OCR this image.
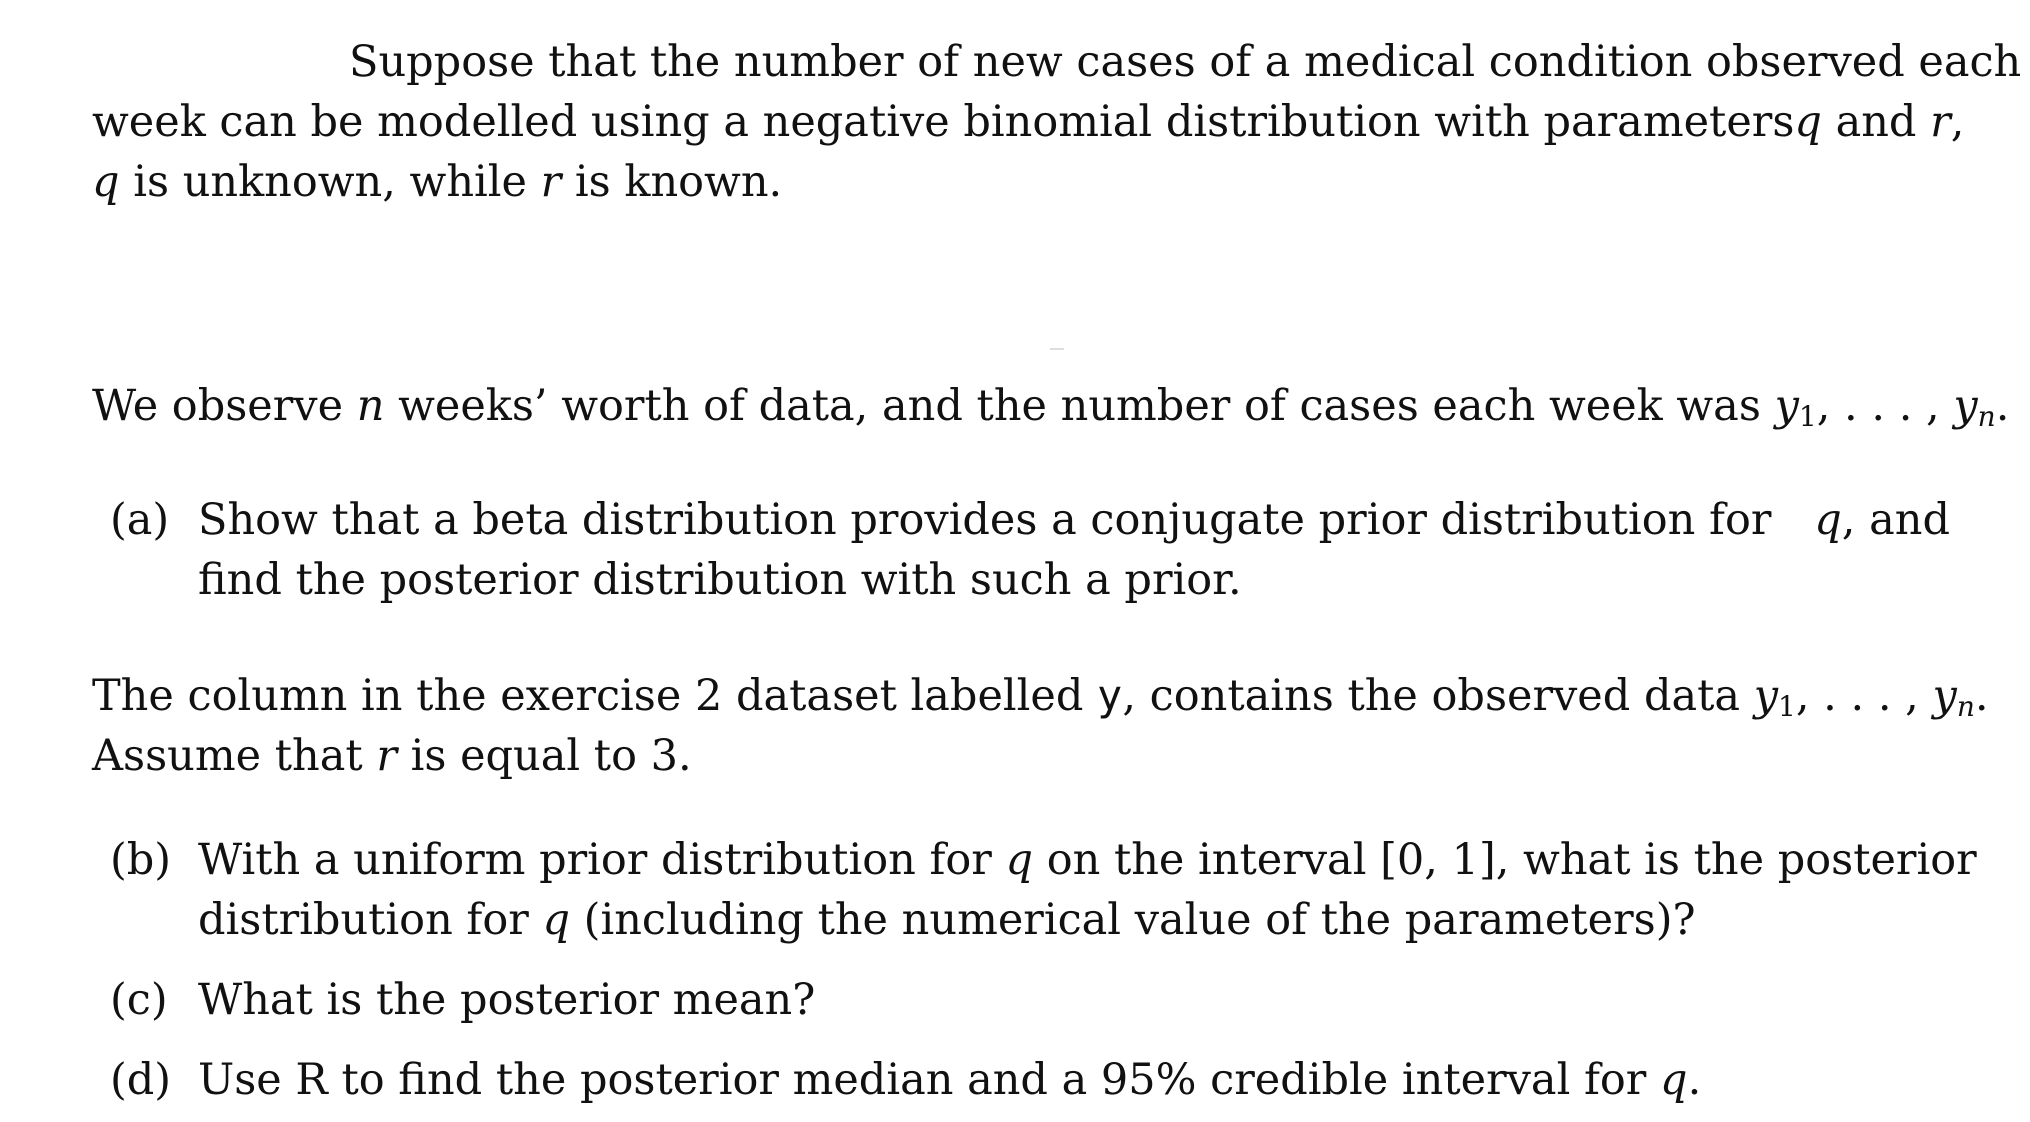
Suppose that the number of new cases of a medical condition observed each
week can be modelled using a negative binomial distribution with parameters q and r,
q is unknown, while r is known.
We observe n weeks’ worth of data, and the number of cases each week was $y_1$, . . . , $y_n$.
(a) Show that a beta distribution provides a conjugate prior distribution for q, and
find the posterior distribution with such a prior.
The column in the exercise 2 dataset labelled y, contains the observed data $y_1$, . . . , $y_n$.
Assume that r is equal to 3.
(b) With a uniform prior distribution for q on the interval [0, 1], what is the posterior
distribution for q (including the numerical value of the parameters)?
(c) What is the posterior mean?
(d) Use R to find the posterior median and a 95% credible interval for q.
